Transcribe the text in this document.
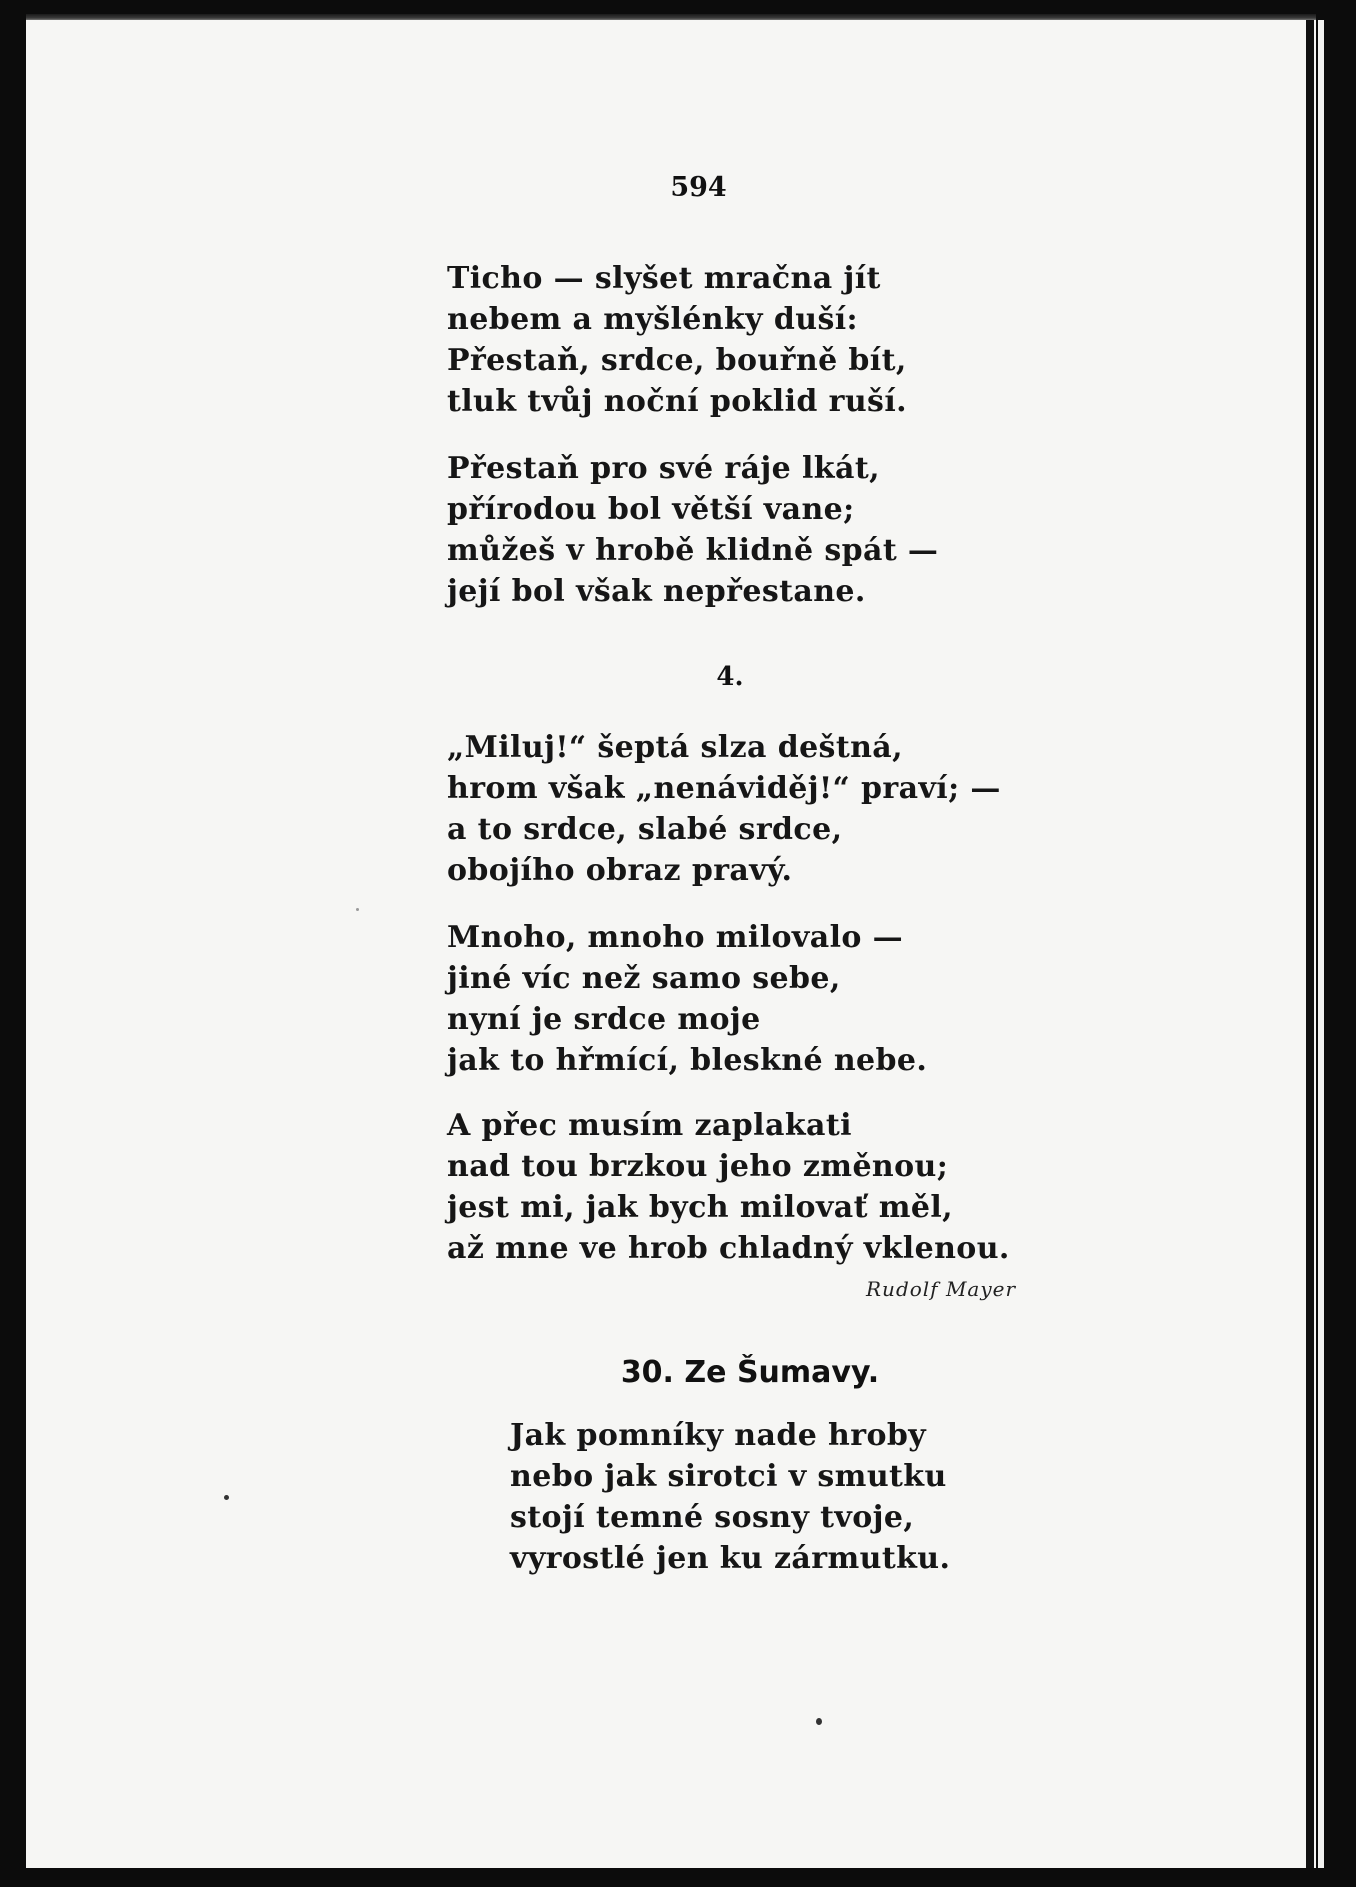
594

Ticho — slyšet mračna jít
nebem a myšlénky duší:
Přestaň, srdce, bouřně bít,
tluk tvůj noční poklid ruší.

Přestaň pro své ráje lkát,
přírodou bol větší vane;
můžeš v hrobě klidně spát —
její bol však nepřestane.

4.

„Miluj!“ šeptá slza deštná,
hrom však „nenáviděj!“ praví; —
a to srdce, slabé srdce,
obojího obraz pravý.

Mnoho, mnoho milovalo —
jiné víc než samo sebe,
nyní je srdce moje
jak to hřmící, bleskné nebe.

A přec musím zaplakati
nad tou brzkou jeho změnou;
jest mi, jak bych milovať měl,
až mne ve hrob chladný vklenou.

Rudolf Mayer
30. Ze Šumavy.

Jak pomníky nade hroby
nebo jak sirotci v smutku
stojí temné sosny tvoje,
vyrostlé jen ku zármutku.
